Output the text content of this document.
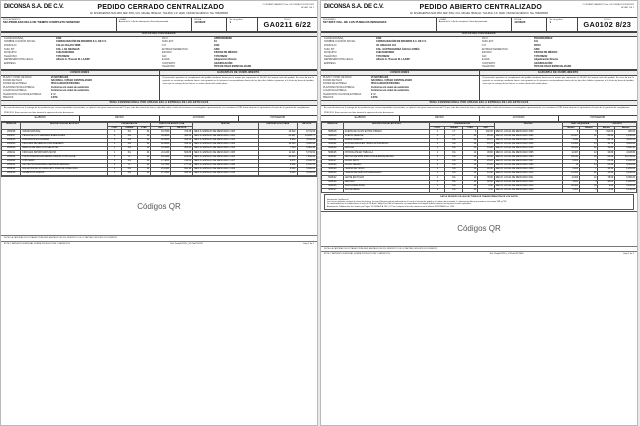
DICONSA S.A. DE C.V.	PEDIDO CERRADO CENTRALIZADO	CONTRATO ABIERTO No. DICONSA/CC/0231/2022 HOJA 1 DE 1
AV. INSURGENTES SUR 3483, 3ER. PISO, COL. MIGUEL HIDALGO, TLALPAN, C.P. 14020, CIUDAD DE MÉXICO, TEL. 5552289000
PROCEDIMIENTO
532-PROD.ESCUELA DE TIEMPO COMPLETO SEM/2022
LUGAR
A partir de la 1 día de subscripción / firma del proveedor
FECHA
11/03/22
No. de pedido
1
FOLIO
GA0211 6/22
DATOS DEL PROVEEDOR
CLAVE DICONSA	1090
NOMBRE O RAZÓN SOCIAL	CONSOLIDACIÓN DE INSUMOS S.A. DE C.V.
DOMICILIO	CALLE CELAYA 598B
NUM. INT.	COL. LAS GRANJAS
MUNICIPIO	CHILPANCINGO
TELÉFONO	7474728222
REPRESENTANTE LEGAL	Alfredo G. Trascán M. LA.ESP
EMPRESA
R.F.C.	APR00030818M
NUM. EXT.	34
C.P.	1940
ENTIDAD FEDERATIVA	GRO
ESTADO	CIUDAD DE MÉXICO
FAX	7474728222
E-MAIL	Adquisicion Directa
CONTRATO	ADJUDICACIÓN
TELÉFONO	TIPO DE PAGO:ESPECIALIZADO
CONDICIONES
PLAZO Y COND. DE PAGO	20 NATURALES
FORMA DE PAGO	NACIONAL, C/PAGO CENTRALIZADO
FORMA DE ENTREGA	PISO ALMACÉN DICONSA
PLAZO/FECHA DE ENTREGA	Conforme a la orden de suministro
LUGAR DE ENTREGA	Conforme a la orden de suministro.
TELÉFONOS VOLUM.DE ENTREGA	2 / 2
PRECIOS	0.00%
GARANTÍAS DE CUMPLIMIENTO
El proveedor garantiza el cumplimiento del pedido mediante fianza por el monto que representa el 10.00% del importe total del pedido. En caso de que la garantía se constituya mediante fianza, ésta quedará en la instancia correspondiente dentro de los diez días hábiles siguientes a la fecha de firma del pedido, salvo que la entrega de los bienes se realice dentro del citado plazo.
PENA CONVENCIONAL POR ATRASO EN LA ENTREGA DE LOS ARTÍCULOS
En caso de atraso en la entrega de los productos por causas imputables al proveedor, se aplicará una pena convencional del 1% por cada día natural de atraso, aplicable sobre el valor de los bienes no entregados oportunamente, sin considerar el IVA, hasta alcanzar el equivalente al monto de la garantía de cumplimiento.
PRECIOS: Estos precios son fijos durante la vigencia de este documento.
ELABORÓ	REVISÓ	AUTORIZÓ	PROVEEDOR
RENGLÓN	DESCRIPCIÓN DEL ARTÍCULO	PRESENTACIÓN			PRECIO DE AJUSTE C/IVA		DESTINO	CANTIDAD SOLICITADA	IMPORTE
		CONT.	UNIDAD	PZAS.	UNIT.	IMPORTE			
2062/08	AVENA NATURAL	1	KG	24	19.7200	473.28	MEX.D. ESPACIO DE MEXICANO 1 000	13.622	8,741.03
2062/07	PESCA DE LOS SABORES ESENCIALES	1	KG	12	40.8800	490.56	MEX.D. ESPACIO DE MEXICANO 1 001	21.987	14,200.77
2062/05	DURAZNOS EN ALMIBAR	1	KG	12	36.9600	443.52	MEX.D. ESPACIO DE MEXICANO 1 002	8.993	4,512.68
2062/06	FRIJOLES DE MEZCLA CON ADEREZO	1	KG	24	22.8800	549.12	MEX.D. ESPACIO DE MEXICANO 1 003	12.510	6,960.66
2062/09	MEZCLA DE MIEL CON GELATINA	1	KG	12	31.9200	383.04	MEX.D. ESPACIO DE MEXICANO 1 004	7.004	3,881.48
2062/11	FRIJOLES IMPORTADOS MATIZ	1	KG	24	21.1200	506.88	MEX.D. ESPACIO DE MEXICANO 1 005	11.321	5,733.52
2062/04	PULPA PREPARADA BEBIDA SABOR CHOCOLATE	1	LT	12	18.6400	223.68	MEX.D. ESPACIO DE MEXICANO 1 006	20.003	7,294.46
2062/02	CHÍCHARO	1	KG	24	17.4800	419.52	MEX.D. ESPACIO DE MEXICANO 1 007	6.871	2,942.51
2062/01	LECHE PASTEURIZADA SEMIDESCREMADA	1	LT	12	14.7600	177.12	MEX.D. ESPACIO DE MEXICANO 1 008	9.002	2,615.55
2062/03	GALLETAS DE SOYA/BUCETO PARA DE CAME 300G	1	KG	24	25.0400	600.96	MEX.D. ESPACIO DE MEXICANO 1 009	9.001	5,630.02
2062/10	ALIMENTOS VARIOS	1	KG	12	27.3600	328.32	MEX.D. ESPACIO DE MEXICANO 1 010	6.020	3,294.00
Códigos QR
NOTA: LA CANTIDAD SOLICITADA PODRÁ SER HASTA EN UN 20% RESPECTO DE LO PACTADO EN ESTE DOCUMENTO.
BYTE Y IMPUESTO ESPECIAL SOBRE PRODUCCIÓN Y SERVICIOS	Ref. Pedq10/22Px_1/1/Tab/CR/226	Hoja
1
de
1
DICONSA S.A. DE C.V.	PEDIDO ABIERTO CENTRALIZADO	CONTRATO ABIERTO No. DICONSA/CC/0228/2022 HOJA 1 DE 1
AV. INSURGENTES SUR 3483, 3ER. PISO, COL. MIGUEL HIDALGO, TLALPAN, C.P. 14020, CIUDAD DE MÉXICO, TEL. 5552289000
INVENTARIO
507 INST. NAL. DE LOS PUEBLOS INDIGENAS
LUGAR
A partir de la 1 día de suscripción / firma del proveedor
FECHA
11/03/23
No. de pedido
1
FOLIO
GA0102 8/23
DATOS DEL PROVEEDOR
CLAVE DICONSA	1090
NOMBRE O RAZÓN SOCIAL	CONSOLIDACIÓN DE INSUMOS S.A. DE C.V.
DOMICILIO	AV. HIDALGO 101
NUM. INT.	COL. GUSTAVO/AREA ÁGUILA COMÍA
MUNICIPIO	CHILPANCINGO
TELÉFONO	7474728222
REPRESENTANTE LEGAL	Alfredo G. Trascán M. LA.ESP
EMPRESA
R.F.C.	PGO220131MA9
NUM. EXT.	101
C.P.	09710
ENTIDAD FEDERATIVA	GRO
ESTADO	CIUDAD DE MÉXICO
FAX	7474728222
E-MAIL	Adjudicación Directa
CONTRATO	ADJUDICACIÓN
TELÉFONO	TIPO DE PAGO:ESPECIALIZADO
CONDICIONES
PLAZO Y COND. DE PAGO	45 NATURALES
FORMA DE PAGO	NACIONAL, C/PAGO CENTRALIZADO
FORMA DE ENTREGA	PISO ALMACÉN DICONSA
PLAZO/FECHA DE ENTREGA	Conforme a la orden de suministro
LUGAR DE ENTREGA	Conforme a la orden de suministro.
TELÉFONOS VOLUM.DE ENTREGA	2 / 2
PRECIOS	0.00%
GARANTÍA DE CUMPLIMIENTO
El proveedor garantiza el cumplimiento del pedido mediante fianza por el monto que representa el 10.00% del importe total del pedido. En caso de que la garantía se constituya mediante fianza, ésta quedará en la instancia correspondiente dentro de los diez días hábiles siguientes a la fecha de firma del pedido, salvo que la entrega de los bienes se realice dentro del citado plazo.
PENA CONVENCIONAL POR ATRASO EN LA ENTREGA DE LOS ARTÍCULOS
En caso de atraso en la entrega de los productos por causas imputables al proveedor, se aplicará una pena convencional del 1% por cada día natural de atraso, aplicable sobre el valor de los bienes no entregados oportunamente, sin considerar el IVA, hasta alcanzar el equivalente al monto de la garantía de cumplimiento.
PRECIOS: Estos precios son fijos durante la vigencia de este documento.
ELABORÓ	REVISÓ	AUTORIZÓ	PROVEEDOR
RENGLÓN	DESCRIPCIÓN DEL ARTÍCULO	PRESENTACIÓN				DESTINO	CANT. REQUERIDA		IMPORTE	
		CONT.	UNIDAD	PZAS.	UNIT.		Mínimo	Máximo	Mínimo	Máximo
5006/18	ACEITE DE OLIVO EXTRA VIRGEN	1	LT	6	102.00	MEX.D. LOCAL DE MEXICANO 1500	8	8	312.00	320.00
5006/19	ACEITE VEGETAL	1	LT	12	28.40	MEX.D. LOCAL DE MEXICANO 1501	10.007	11	28.40	1,136.00
5006/21	ARROZ BLANCO	1	KG	10	20.70	MEX.D. LOCAL DE MEXICANO 1502	3.996	4	20.70	4,105.55
5006/22	ATÚN EN AGUA EN TROZO ATÚN/FRIJOL	1	KG	24	16.70	MEX.D. LOCAL DE MEXICANO 1503	14.002	15	16.70	4,801.20
5006/23	AZÚCAR	1	KG	10	19.80	MEX.D. LOCAL DE MEXICANO 1504	30.002	32	19.80	6,000.40
5006/25	CHOCOLATE EN TABLILLA	1	KG	12	36.80	MEX.D. LOCAL DE MEXICANO 1505	11.007	12	36.80	4,108.80
5006/31	FÉCULA DE MAÍZ PARA ATOLE ENRIQUECIDA	1	KG	24	22.00	MEX.D. LOCAL DE MEXICANO 1506	29.014	30	22.00	10,736.00
5006/27	FRIJOL BAYO	1	KG	10	25.20	MEX.D. LOCAL DE MEXICANO 1507	8.001	9	25.20	2,318.40
5006/28	FRIJOL NEGRO	1	KG	10	25.20	MEX.D. LOCAL DE MEXICANO 1508	12	13	25.20	3,024.00
5006/29	HARINA DE TRIGO	1	KG	10	18.30	MEX.D. LOCAL DE MEXICANO 1509	6.001	7	18.30	1,281.00
5006/30	HARINA DE MAÍZ NIXTAMALIZADO	1	KG	10	14.40	MEX.D. LOCAL DE MEXICANO 1510	21.004	22	14.40	3,168.00
5006/32	LECHE EN POLVO	1	KG	12	78.00	MEX.D. LOCAL DE MEXICANO 1511	11.003	12	78.00	9,360.00
5006/33	LENTEJA	1	KG	10	30.00	MEX.D. LOCAL DE MEXICANO 1512	3.001	4	30.00	1,200.00
5006/36	PASTA PARA SOPA	1	KG	20	9.60	MEX.D. LOCAL DE MEXICANO 1513	18.002	19	9.60	3,456.00
5006/37	SAL DE MESA	1	KG	20	6.30	MEX.D. LOCAL DE MEXICANO 1514	8.001	9	6.30	1,134.00
DATOS DE ENVÍO DE LAS FACTURAS DE TRANSFORMACIÓN DE LOS DATOS
Información Confidencial
Las facturas deberán enviarse al correo electrónico: facturas@diconsa.gob.mx indicando en el asunto el número de pedido y el número de proveedor. La información deberá presentarse en formato XML y PDF.
De conformidad con lo establecido en el artículo 29-A del Código Fiscal de la Federación, el comprobante fiscal digital deberá contener los requisitos fiscales aplicables.
Atentamente: Subdirección de Cuentas por Pagar, DICONSA S.A. DE C.V. Para cualquier aclaración comunicarse al teléfono 5552289000 ext. 1234.
Códigos QR
NOTA: LA CANTIDAD SOLICITADA PODRÁ SER HASTA EN UN 20% RESPECTO DE LO PACTADO EN ESTE DOCUMENTO.
BYTE Y IMPUESTO ESPECIAL SOBRE PRODUCCIÓN Y SERVICIOS	Ref. Pedq10/22Px_1/1/Tab/CR/2668	Hoja
1
de
1
